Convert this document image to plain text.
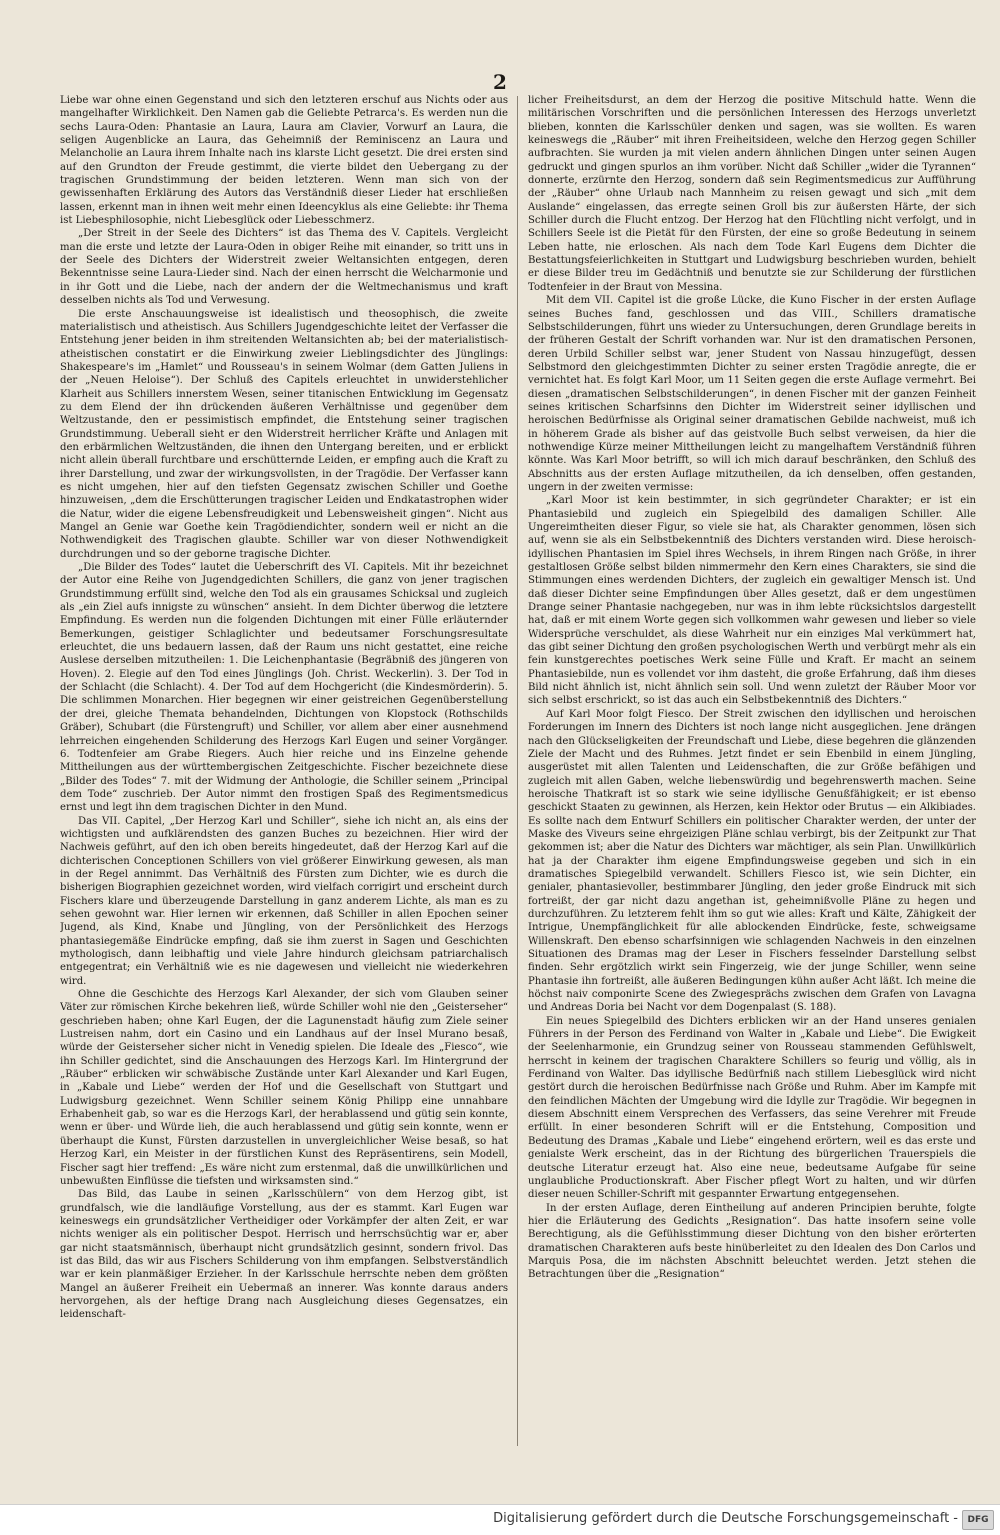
2

Liebe war ohne einen Gegenstand und sich den letzteren erschuf aus Nichts oder aus mangelhafter Wirklichkeit. Den Namen gab die Geliebte Petrarca's. Es werden nun die sechs Laura-Oden: Phantasie an Laura, Laura am Clavier, Vorwurf an Laura, die seligen Augenblicke an Laura, das Geheimniß der Reminiscenz an Laura und Melancholie an Laura ihrem Inhalte nach ins klarste Licht gesetzt. Die drei ersten sind auf den Grundton der Freude gestimmt, die vierte bildet den Uebergang zu der tragischen Grundstimmung der beiden letzteren. Wenn man sich von der gewissenhaften Erklärung des Autors das Verständniß dieser Lieder hat erschließen lassen, erkennt man in ihnen weit mehr einen Ideencyklus als eine Geliebte: ihr Thema ist Liebesphilosophie, nicht Liebesglück oder Liebesschmerz.

„Der Streit in der Seele des Dichters“ ist das Thema des V. Capitels. Vergleicht man die erste und letzte der Laura-Oden in obiger Reihe mit einander, so tritt uns in der Seele des Dichters der Widerstreit zweier Weltansichten entgegen, deren Bekenntnisse seine Laura-Lieder sind. Nach der einen herrscht die Welcharmonie und in ihr Gott und die Liebe, nach der andern der die Weltmechanismus und kraft desselben nichts als Tod und Verwesung.

Die erste Anschauungsweise ist idealistisch und theosophisch, die zweite materialistisch und atheistisch. Aus Schillers Jugendgeschichte leitet der Verfasser die Entstehung jener beiden in ihm streitenden Weltansichten ab; bei der materialistisch-atheistischen constatirt er die Einwirkung zweier Lieblingsdichter des Jünglings: Shakespeare's im „Hamlet“ und Rousseau's in seinem Wolmar (dem Gatten Juliens in der „Neuen Heloise“). Der Schluß des Capitels erleuchtet in unwiderstehlicher Klarheit aus Schillers innerstem Wesen, seiner titanischen Entwicklung im Gegensatz zu dem Elend der ihn drückenden äußeren Verhältnisse und gegenüber dem Weltzustande, den er pessimistisch empfindet, die Entstehung seiner tragischen Grundstimmung. Ueberall sieht er den Widerstreit herrlicher Kräfte und Anlagen mit den erbärmlichen Weltzuständen, die ihnen den Untergang bereiten, und er erblickt nicht allein überall furchtbare und erschütternde Leiden, er empfing auch die Kraft zu ihrer Darstellung, und zwar der wirkungsvollsten, in der Tragödie. Der Verfasser kann es nicht umgehen, hier auf den tiefsten Gegensatz zwischen Schiller und Goethe hinzuweisen, „dem die Erschütterungen tragischer Leiden und Endkatastrophen wider die Natur, wider die eigene Lebensfreudigkeit und Lebensweisheit gingen“. Nicht aus Mangel an Genie war Goethe kein Tragödiendichter, sondern weil er nicht an die Nothwendigkeit des Tragischen glaubte. Schiller war von dieser Nothwendigkeit durchdrungen und so der geborne tragische Dichter.

„Die Bilder des Todes“ lautet die Ueberschrift des VI. Capitels. Mit ihr bezeichnet der Autor eine Reihe von Jugendgedichten Schillers, die ganz von jener tragischen Grundstimmung erfüllt sind, welche den Tod als ein grausames Schicksal und zugleich als „ein Ziel aufs innigste zu wünschen“ ansieht. In dem Dichter überwog die letztere Empfindung. Es werden nun die folgenden Dichtungen mit einer Fülle erläuternder Bemerkungen, geistiger Schlaglichter und bedeutsamer Forschungsresultate erleuchtet, die uns bedauern lassen, daß der Raum uns nicht gestattet, eine reiche Auslese derselben mitzutheilen: 1. Die Leichenphantasie (Begräbniß des jüngeren von Hoven). 2. Elegie auf den Tod eines Jünglings (Joh. Christ. Weckerlin). 3. Der Tod in der Schlacht (die Schlacht). 4. Der Tod auf dem Hochgericht (die Kindesmörderin). 5. Die schlimmen Monarchen. Hier begegnen wir einer geistreichen Gegenüberstellung der drei, gleiche Themata behandelnden, Dichtungen von Klopstock (Rothschilds Gräber), Schubart (die Fürstengruft) und Schiller, vor allem aber einer ausnehmend lehrreichen eingehenden Schilderung des Herzogs Karl Eugen und seiner Vorgänger. 6. Todtenfeier am Grabe Riegers. Auch hier reiche und ins Einzelne gehende Mittheilungen aus der württembergischen Zeitgeschichte. Fischer bezeichnete diese „Bilder des Todes“ 7. mit der Widmung der Anthologie, die Schiller seinem „Principal dem Tode“ zuschrieb. Der Autor nimmt den frostigen Spaß des Regimentsmedicus ernst und legt ihn dem tragischen Dichter in den Mund.

Das VII. Capitel, „Der Herzog Karl und Schiller“, siehe ich nicht an, als eins der wichtigsten und aufklärendsten des ganzen Buches zu bezeichnen. Hier wird der Nachweis geführt, auf den ich oben bereits hingedeutet, daß der Herzog Karl auf die dichterischen Conceptionen Schillers von viel größerer Einwirkung gewesen, als man in der Regel annimmt. Das Verhältniß des Fürsten zum Dichter, wie es durch die bisherigen Biographien gezeichnet worden, wird vielfach corrigirt und erscheint durch Fischers klare und überzeugende Darstellung in ganz anderem Lichte, als man es zu sehen gewohnt war. Hier lernen wir erkennen, daß Schiller in allen Epochen seiner Jugend, als Kind, Knabe und Jüngling, von der Persönlichkeit des Herzogs phantasiegemäße Eindrücke empfing, daß sie ihm zuerst in Sagen und Geschichten mythologisch, dann leibhaftig und viele Jahre hindurch gleichsam patriarchalisch entgegentrat; ein Verhältniß wie es nie dagewesen und vielleicht nie wiederkehren wird.

Ohne die Geschichte des Herzogs Karl Alexander, der sich vom Glauben seiner Väter zur römischen Kirche bekehren ließ, würde Schiller wohl nie den „Geisterseher“ geschrieben haben; ohne Karl Eugen, der die Lagunenstadt häufig zum Ziele seiner Lustreisen nahm, dort ein Casino und ein Landhaus auf der Insel Murano besaß, würde der Geisterseher sicher nicht in Venedig spielen. Die Ideale des „Fiesco“, wie ihn Schiller gedichtet, sind die Anschauungen des Herzogs Karl. Im Hintergrund der „Räuber“ erblicken wir schwäbische Zustände unter Karl Alexander und Karl Eugen, in „Kabale und Liebe“ werden der Hof und die Gesellschaft von Stuttgart und Ludwigsburg gezeichnet. Wenn Schiller seinem König Philipp eine unnahbare Erhabenheit gab, so war es die Herzogs Karl, der herablassend und gütig sein konnte, wenn er über- und Würde lieh, die auch herablassend und gütig sein konnte, wenn er überhaupt die Kunst, Fürsten darzustellen in unvergleichlicher Weise besaß, so hat Herzog Karl, ein Meister in der fürstlichen Kunst des Repräsentirens, sein Modell, Fischer sagt hier treffend: „Es wäre nicht zum erstenmal, daß die unwillkürlichen und unbewußten Einflüsse die tiefsten und wirksamsten sind.“

Das Bild, das Laube in seinen „Karlsschülern“ von dem Herzog gibt, ist grundfalsch, wie die landläufige Vorstellung, aus der es stammt. Karl Eugen war keineswegs ein grundsätzlicher Vertheidiger oder Vorkämpfer der alten Zeit, er war nichts weniger als ein politischer Despot. Herrisch und herrschsüchtig war er, aber gar nicht staatsmännisch, überhaupt nicht grundsätzlich gesinnt, sondern frivol. Das ist das Bild, das wir aus Fischers Schilderung von ihm empfangen. Selbstverständlich war er kein planmäßiger Erzieher. In der Karlsschule herrschte neben dem größten Mangel an äußerer Freiheit ein Uebermaß an innerer. Was konnte daraus anders hervorgehen, als der heftige Drang nach Ausgleichung dieses Gegensatzes, ein leidenschaft-

licher Freiheitsdurst, an dem der Herzog die positive Mitschuld hatte. Wenn die militärischen Vorschriften und die persönlichen Interessen des Herzogs unverletzt blieben, konnten die Karlsschüler denken und sagen, was sie wollten. Es waren keineswegs die „Räuber“ mit ihren Freiheitsideen, welche den Herzog gegen Schiller aufbrachten. Sie wurden ja mit vielen andern ähnlichen Dingen unter seinen Augen gedruckt und gingen spurlos an ihm vorüber. Nicht daß Schiller „wider die Tyrannen“ donnerte, erzürnte den Herzog, sondern daß sein Regimentsmedicus zur Aufführung der „Räuber“ ohne Urlaub nach Mannheim zu reisen gewagt und sich „mit dem Auslande“ eingelassen, das erregte seinen Groll bis zur äußersten Härte, der sich Schiller durch die Flucht entzog. Der Herzog hat den Flüchtling nicht verfolgt, und in Schillers Seele ist die Pietät für den Fürsten, der eine so große Bedeutung in seinem Leben hatte, nie erloschen. Als nach dem Tode Karl Eugens dem Dichter die Bestattungsfeierlichkeiten in Stuttgart und Ludwigsburg beschrieben wurden, behielt er diese Bilder treu im Gedächtniß und benutzte sie zur Schilderung der fürstlichen Todtenfeier in der Braut von Messina.

Mit dem VII. Capitel ist die große Lücke, die Kuno Fischer in der ersten Auflage seines Buches fand, geschlossen und das VIII., Schillers dramatische Selbstschilderungen, führt uns wieder zu Untersuchungen, deren Grundlage bereits in der früheren Gestalt der Schrift vorhanden war. Nur ist den dramatischen Personen, deren Urbild Schiller selbst war, jener Student von Nassau hinzugefügt, dessen Selbstmord den gleichgestimmten Dichter zu seiner ersten Tragödie anregte, die er vernichtet hat. Es folgt Karl Moor, um 11 Seiten gegen die erste Auflage vermehrt. Bei diesen „dramatischen Selbstschilderungen“, in denen Fischer mit der ganzen Feinheit seines kritischen Scharfsinns den Dichter im Widerstreit seiner idyllischen und heroischen Bedürfnisse als Original seiner dramatischen Gebilde nachweist, muß ich in höherem Grade als bisher auf das geistvolle Buch selbst verweisen, da hier die nothwendige Kürze meiner Mittheilungen leicht zu mangelhaftem Verständniß führen könnte. Was Karl Moor betrifft, so will ich mich darauf beschränken, den Schluß des Abschnitts aus der ersten Auflage mitzutheilen, da ich denselben, offen gestanden, ungern in der zweiten vermisse:

„Karl Moor ist kein bestimmter, in sich gegründeter Charakter; er ist ein Phantasiebild und zugleich ein Spiegelbild des damaligen Schiller. Alle Ungereimtheiten dieser Figur, so viele sie hat, als Charakter genommen, lösen sich auf, wenn sie als ein Selbstbekenntniß des Dichters verstanden wird. Diese heroisch-idyllischen Phantasien im Spiel ihres Wechsels, in ihrem Ringen nach Größe, in ihrer gestaltlosen Größe selbst bilden nimmermehr den Kern eines Charakters, sie sind die Stimmungen eines werdenden Dichters, der zugleich ein gewaltiger Mensch ist. Und daß dieser Dichter seine Empfindungen über Alles gesetzt, daß er dem ungestümen Drange seiner Phantasie nachgegeben, nur was in ihm lebte rücksichtslos dargestellt hat, daß er mit einem Worte gegen sich vollkommen wahr gewesen und lieber so viele Widersprüche verschuldet, als diese Wahrheit nur ein einziges Mal verkümmert hat, das gibt seiner Dichtung den großen psychologischen Werth und verbürgt mehr als ein fein kunstgerechtes poetisches Werk seine Fülle und Kraft. Er macht an seinem Phantasiebilde, nun es vollendet vor ihm dasteht, die große Erfahrung, daß ihm dieses Bild nicht ähnlich ist, nicht ähnlich sein soll. Und wenn zuletzt der Räuber Moor vor sich selbst erschrickt, so ist das auch ein Selbstbekenntniß des Dichters.“

Auf Karl Moor folgt Fiesco. Der Streit zwischen den idyllischen und heroischen Forderungen im Innern des Dichters ist noch lange nicht ausgeglichen. Jene drängen nach den Glückseligkeiten der Freundschaft und Liebe, diese begehren die glänzenden Ziele der Macht und des Ruhmes. Jetzt findet er sein Ebenbild in einem Jüngling, ausgerüstet mit allen Talenten und Leidenschaften, die zur Größe befähigen und zugleich mit allen Gaben, welche liebenswürdig und begehrenswerth machen. Seine heroische Thatkraft ist so stark wie seine idyllische Genußfähigkeit; er ist ebenso geschickt Staaten zu gewinnen, als Herzen, kein Hektor oder Brutus — ein Alkibiades. Es sollte nach dem Entwurf Schillers ein politischer Charakter werden, der unter der Maske des Viveurs seine ehrgeizigen Pläne schlau verbirgt, bis der Zeitpunkt zur That gekommen ist; aber die Natur des Dichters war mächtiger, als sein Plan. Unwillkürlich hat ja der Charakter ihm eigene Empfindungsweise gegeben und sich in ein dramatisches Spiegelbild verwandelt. Schillers Fiesco ist, wie sein Dichter, ein genialer, phantasievoller, bestimmbarer Jüngling, den jeder große Eindruck mit sich fortreißt, der gar nicht dazu angethan ist, geheimnißvolle Pläne zu hegen und durchzuführen. Zu letzterem fehlt ihm so gut wie alles: Kraft und Kälte, Zähigkeit der Intrigue, Unempfänglichkeit für alle ablockenden Eindrücke, feste, schweigsame Willenskraft. Den ebenso scharfsinnigen wie schlagenden Nachweis in den einzelnen Situationen des Dramas mag der Leser in Fischers fesselnder Darstellung selbst finden. Sehr ergötzlich wirkt sein Fingerzeig, wie der junge Schiller, wenn seine Phantasie ihn fortreißt, alle äußeren Bedingungen kühn außer Acht läßt. Ich meine die höchst naiv componirte Scene des Zwiegesprächs zwischen dem Grafen von Lavagna und Andreas Doria bei Nacht vor dem Dogenpalast (S. 188).

Ein neues Spiegelbild des Dichters erblicken wir an der Hand unseres genialen Führers in der Person des Ferdinand von Walter in „Kabale und Liebe“. Die Ewigkeit der Seelenharmonie, ein Grundzug seiner von Rousseau stammenden Gefühlswelt, herrscht in keinem der tragischen Charaktere Schillers so feurig und völlig, als in Ferdinand von Walter. Das idyllische Bedürfniß nach stillem Liebesglück wird nicht gestört durch die heroischen Bedürfnisse nach Größe und Ruhm. Aber im Kampfe mit den feindlichen Mächten der Umgebung wird die Idylle zur Tragödie. Wir begegnen in diesem Abschnitt einem Versprechen des Verfassers, das seine Verehrer mit Freude erfüllt. In einer besonderen Schrift will er die Entstehung, Composition und Bedeutung des Dramas „Kabale und Liebe“ eingehend erörtern, weil es das erste und genialste Werk erscheint, das in der Richtung des bürgerlichen Trauerspiels die deutsche Literatur erzeugt hat. Also eine neue, bedeutsame Aufgabe für seine unglaubliche Productionskraft. Aber Fischer pflegt Wort zu halten, und wir dürfen dieser neuen Schiller-Schrift mit gespannter Erwartung entgegensehen.

In der ersten Auflage, deren Eintheilung auf anderen Principien beruhte, folgte hier die Erläuterung des Gedichts „Resignation“. Das hatte insofern seine volle Berechtigung, als die Gefühlsstimmung dieser Dichtung von den bisher erörterten dramatischen Charakteren aufs beste hinüberleitet zu den Idealen des Don Carlos und Marquis Posa, die im nächsten Abschnitt beleuchtet werden. Jetzt stehen die Betrachtungen über die „Resignation“

Digitalisierung gefördert durch die Deutsche Forschungsgemeinschaft -	DFG
